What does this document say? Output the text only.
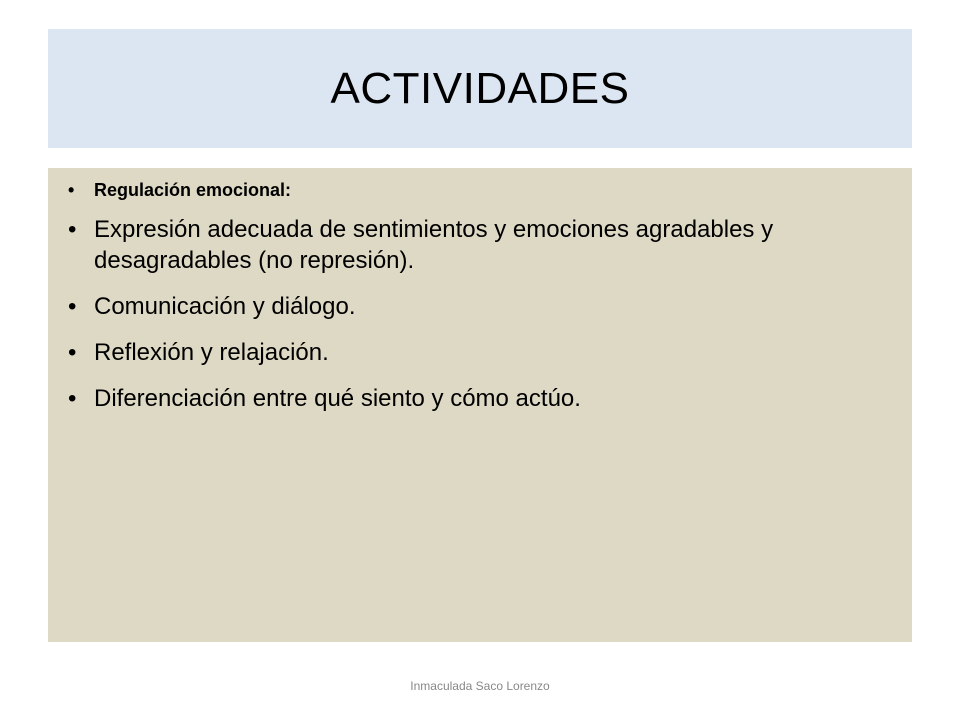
ACTIVIDADES
• Regulación emocional:
• Expresión adecuada de sentimientos y emociones agradables y desagradables (no represión).
• Comunicación y diálogo.
• Reflexión y relajación.
• Diferenciación entre qué siento y cómo actúo.
Inmaculada Saco Lorenzo
